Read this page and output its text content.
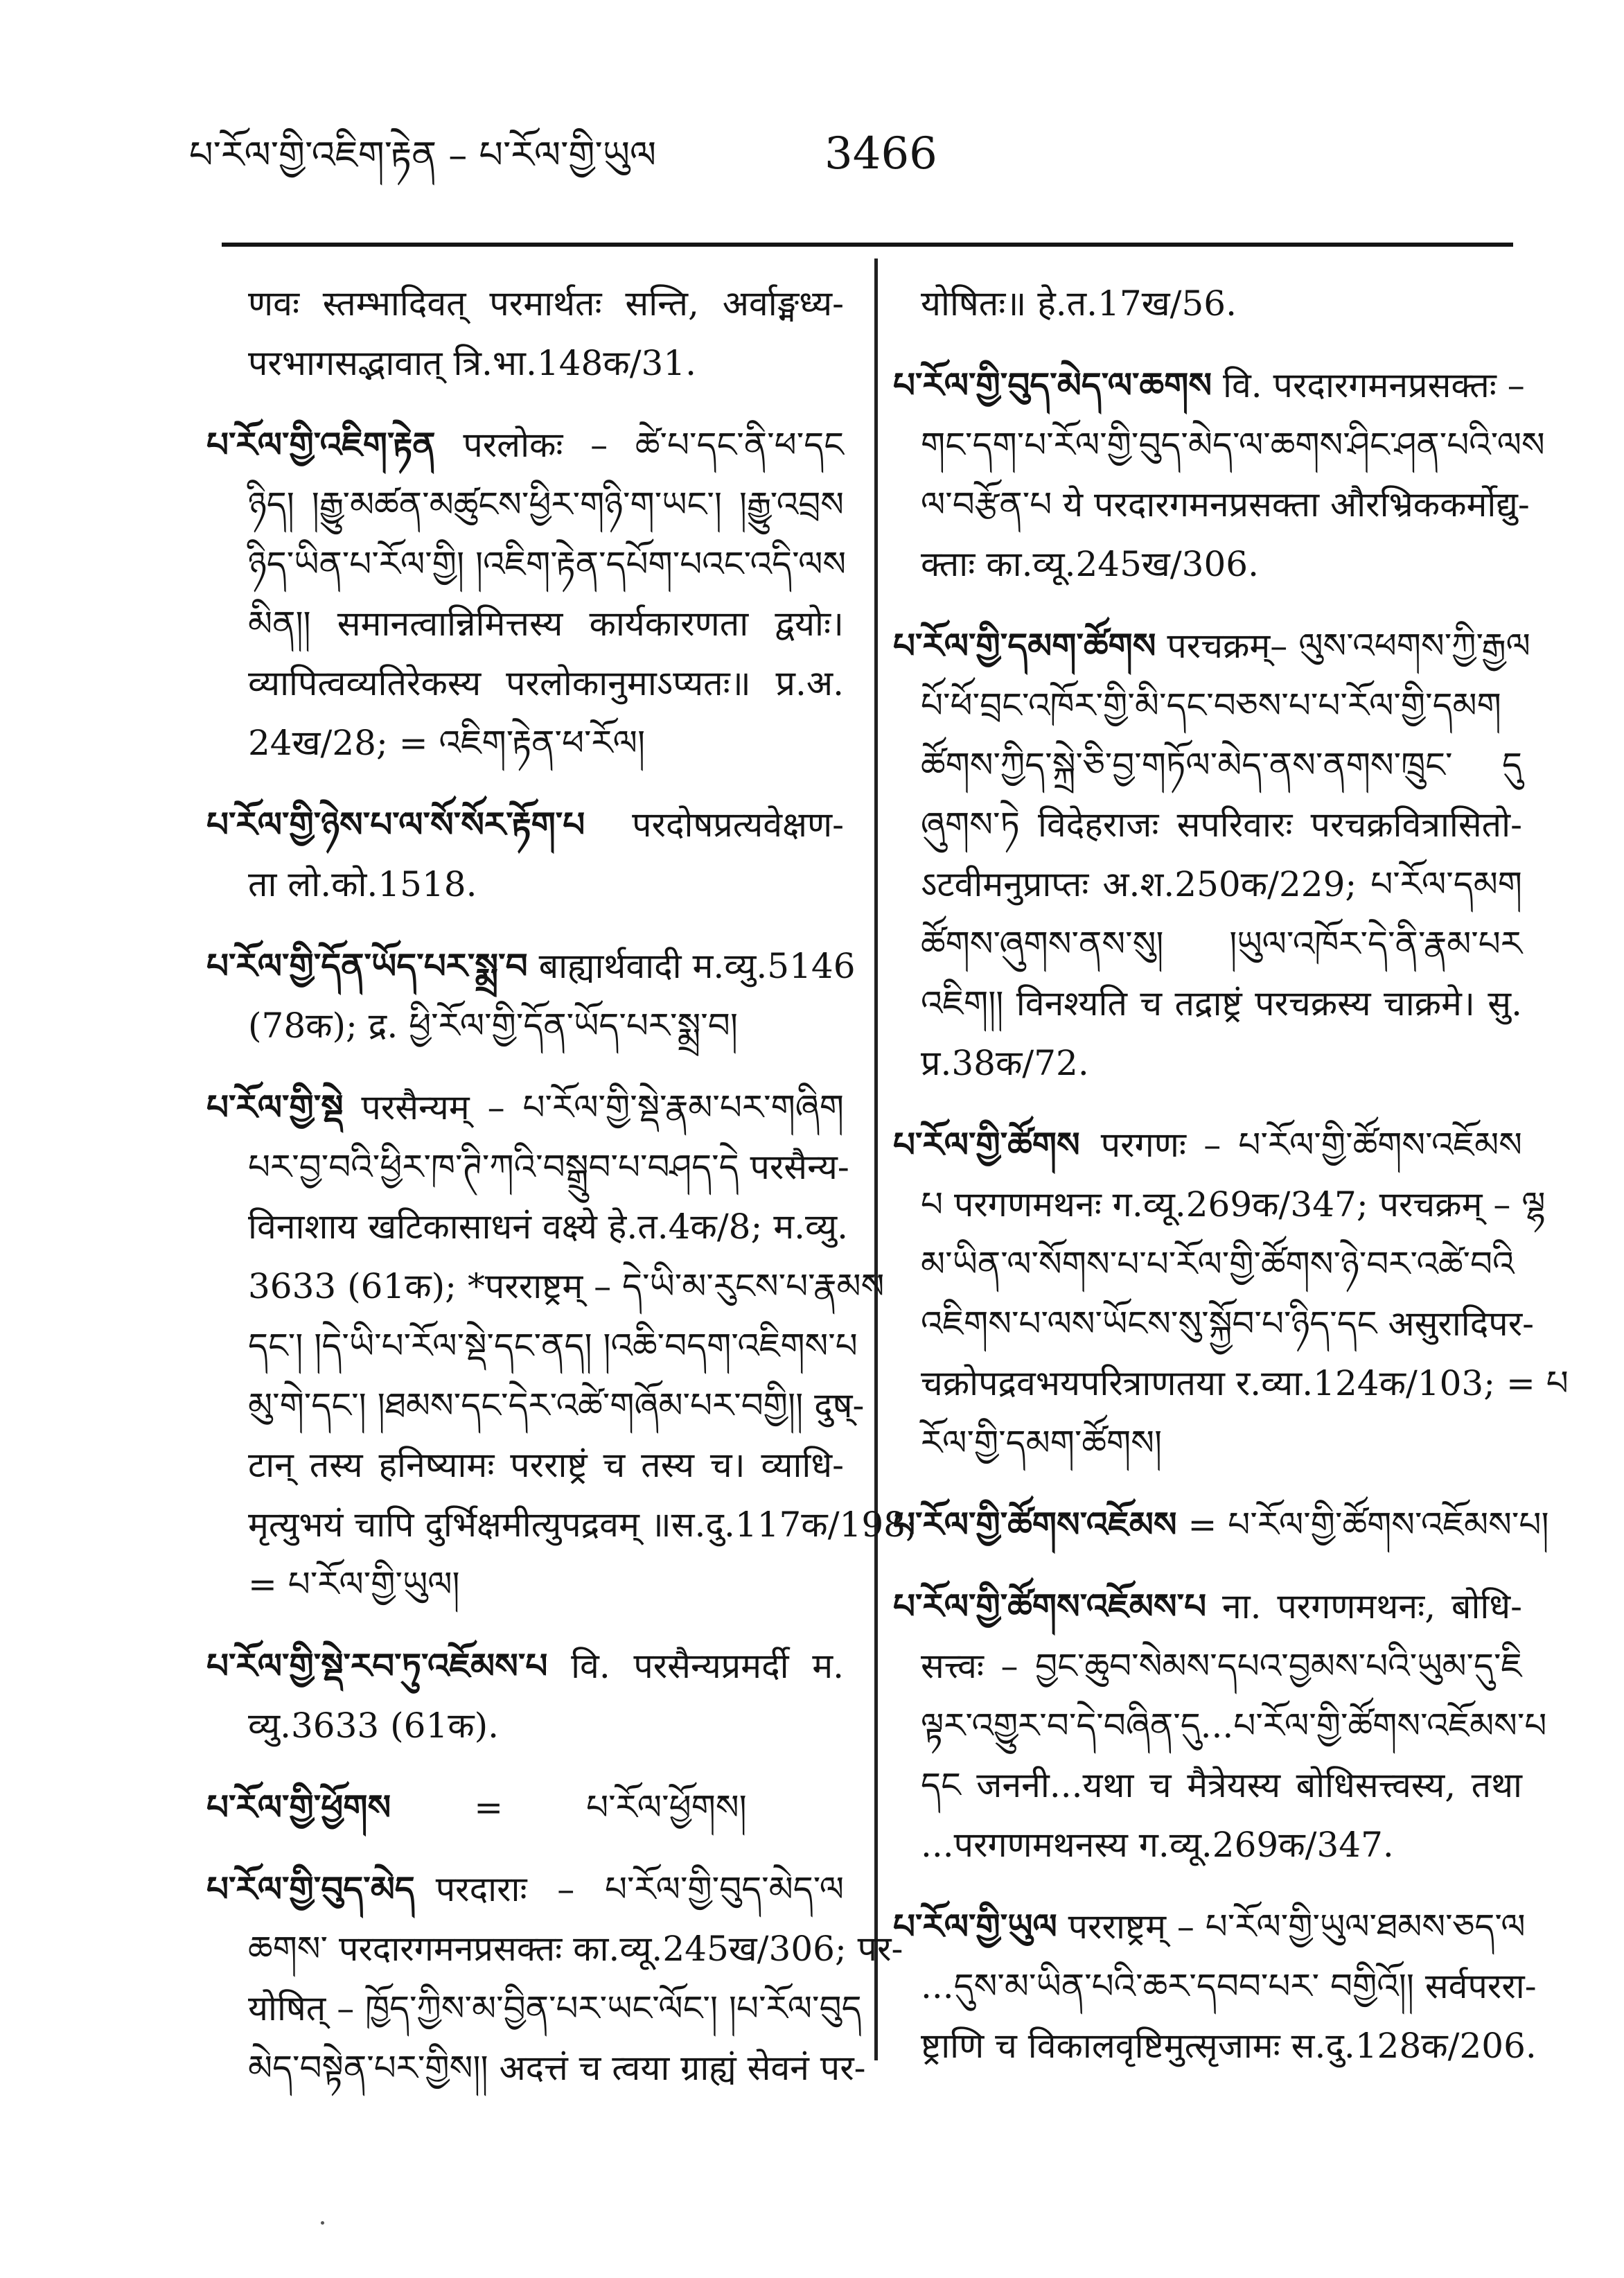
པ་རོལ་གྱི་འཇིག་རྟེན – པ་རོལ་གྱི་ཡུལ	3466
णवः स्तम्भादिवत् परमार्थतः सन्ति, अर्वाङ्मध्य-
परभागसद्भावात् त्रि.भा.148क/31.
པ་རོལ་གྱི་འཇིག་རྟེན परलोकः – ཚེ་པ་དང་ནི་ཕ་དང
ཉིད། །རྒྱུ་མཚན་མཚུངས་ཕྱིར་གཉི་ག་ཡང་། །རྒྱུ་འབྲས
ཉིད་ཡིན་པ་རོལ་གྱི། །འཇིག་རྟེན་དཔོག་པའང་འདི་ལས
མིན།། समानत्वान्निमित्तस्य कार्यकारणता द्वयोः।
व्यापित्वव्यतिरेकस्य परलोकानुमाऽप्यतः॥ प्र.अ.
24ख/28; = འཇིག་རྟེན་ཕ་རོལ།
པ་རོལ་གྱི་ཉེས་པ་ལ་སོ་སོར་རྟོག་པ परदोषप्रत्यवेक्षण-
ता लो.को.1518.
པ་རོལ་གྱི་དོན་ཡོད་པར་སྨྲ་བ बाह्यार्थवादी म.व्यु.5146
(78क); द्र. ཕྱི་རོལ་གྱི་དོན་ཡོད་པར་སྨྲ་བ།
པ་རོལ་གྱི་སྡེ परसैन्यम् – པ་རོལ་གྱི་སྡེ་རྣམ་པར་གཞིག
པར་བྱ་བའི་ཕྱིར་ཁ་ཊི་ཀའི་བསྒྲུབ་པ་བཤད་དེ परसैन्य-
विनाशाय खटिकासाधनं वक्ष्ये हे.त.4क/8; म.व्यु.
3633 (61क); *परराष्ट्रम् – དེ་ཡི་མ་རུངས་པ་རྣམས
དང་། །དེ་ཡི་པ་རོལ་སྡེ་དང་ནད། །འཆི་བདག་འཇིགས་པ
མུ་གེ་དང་། །ཐམས་དང་དེར་འཚེ་གཞོམ་པར་བགྱི།། दुष्-
टान् तस्य हनिष्यामः परराष्ट्रं च तस्य च। व्याधि-
मृत्युभयं चापि दुर्भिक्षमीत्युपद्रवम् ॥स.दु.117क/198;
= པ་རོལ་གྱི་ཡུལ།
པ་རོལ་གྱི་སྡེ་རབ་ཏུ་འཇོམས་པ वि. परसैन्यप्रमर्दी म.
व्यु.3633 (61क).
པ་རོལ་གྱི་ཕྱོགས = པ་རོལ་ཕྱོགས།
པ་རོལ་གྱི་བུད་མེད परदाराः – པ་རོལ་གྱི་བུད་མེད་ལ
ཆགས་ परदारगमनप्रसक्तः का.व्यू.245ख/306; पर-
योषित् – ཁྱོད་ཀྱིས་མ་བྱིན་པར་ཡང་ལོང་། །པ་རོལ་བུད
མེད་བསྟེན་པར་གྱིས།། अदत्तं च त्वया ग्राह्यं सेवनं पर-
योषितः॥ हे.त.17ख/56.
པ་རོལ་གྱི་བུད་མེད་ལ་ཆགས वि. परदारगमनप्रसक्तः –
གང་དག་པ་རོལ་གྱི་བུད་མེད་ལ་ཆགས་ཤིང་ཤན་པའི་ལས
ལ་བརྩོན་པ ये परदारगमनप्रसक्ता औरभ्रिककर्मोद्यु-
क्ताः का.व्यू.245ख/306.
པ་རོལ་གྱི་དམག་ཚོགས परचक्रम्– ལུས་འཕགས་ཀྱི་རྒྱལ
པོ་ཕོ་བྲང་འཁོར་གྱི་མི་དང་བཅས་པ་པ་རོལ་གྱི་དམག
ཚོགས་ཀྱིད་སྐྲེ་ཅི་བྱ་གཏོལ་མེད་ནས་ནགས་ཁྲུང་ དུ
ཞུགས་ཏེ विदेहराजः सपरिवारः परचक्रवित्रासितो-
ऽटवीमनुप्राप्तः अ.श.250क/229; པ་རོལ་དམག
ཚོགས་ཞུགས་ནས་སུ། །ཡུལ་འཁོར་དེ་ནི་རྣམ་པར
འཇིག།། विनश्यति च तद्राष्ट्रं परचक्रस्य चाक्रमे। सु.
प्र.38क/72.
པ་རོལ་གྱི་ཚོགས परगणः – པ་རོལ་གྱི་ཚོགས་འཇོམས
པ परगणमथनः ग.व्यू.269क/347; परचक्रम् – ལྷ
མ་ཡིན་ལ་སོགས་པ་པ་རོལ་གྱི་ཚོགས་ཉེ་བར་འཚེ་བའི
འཇིགས་པ་ལས་ཡོངས་སུ་སྐྱོབ་པ་ཉིད་དང असुरादिपर-
चक्रोपद्रवभयपरित्राणतया र.व्या.124क/103; = པ
རོལ་གྱི་དམག་ཚོགས།
པ་རོལ་གྱི་ཚོགས་འཇོམས = པ་རོལ་གྱི་ཚོགས་འཇོམས་པ།
པ་རོལ་གྱི་ཚོགས་འཇོམས་པ ना. परगणमथनः, बोधि-
सत्त्वः – བྱང་ཆུབ་སེམས་དཔའ་བྱམས་པའི་ཡུམ་དུ་ཇི
ལྟར་འགྱུར་བ་དེ་བཞིན་དུ...པ་རོལ་གྱི་ཚོགས་འཇོམས་པ
དང जननी...यथा च मैत्रेयस्य बोधिसत्त्वस्य, तथा
...परगणमथनस्य ग.व्यू.269क/347.
པ་རོལ་གྱི་ཡུལ परराष्ट्रम् – པ་རོལ་གྱི་ཡུལ་ཐམས་ཅད་ལ
...དུས་མ་ཡིན་པའི་ཆར་དབབ་པར་ བགྱིའོ།། सर्वपररा-
ष्ट्राणि च विकालवृष्टिमुत्सृजामः स.दु.128क/206.
